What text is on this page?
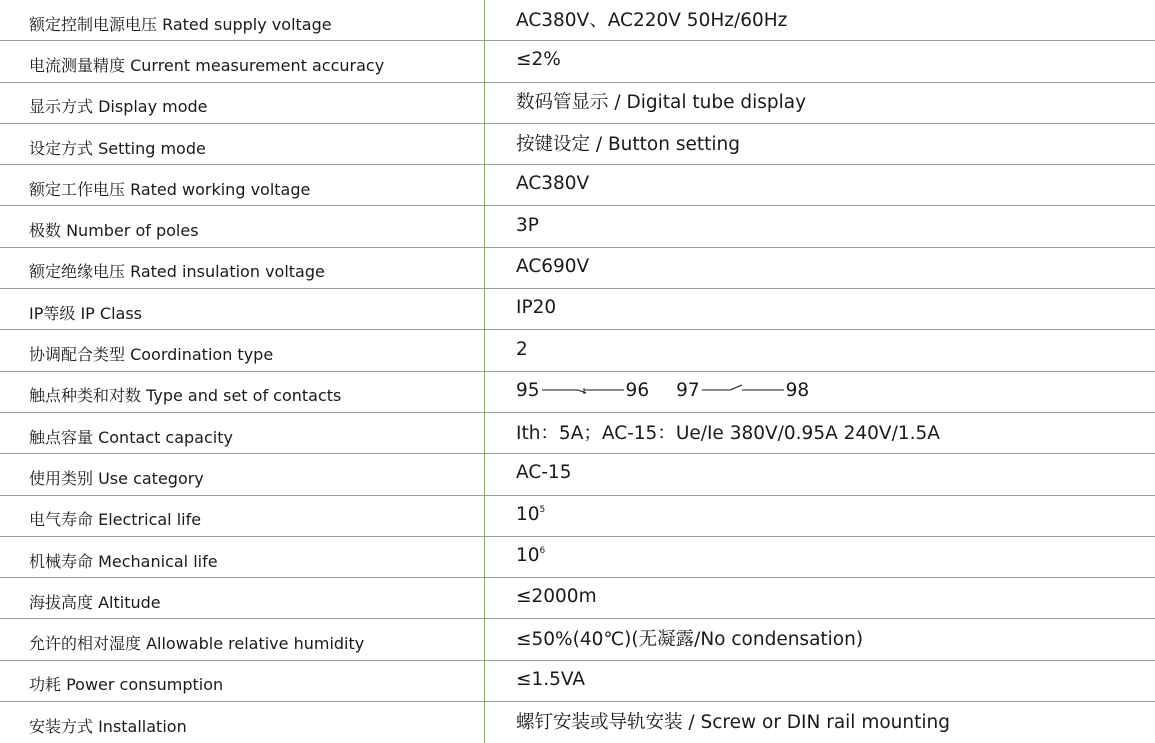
额定控制电源电压 Rated supply voltage	AC380V、AC220V 50Hz/60Hz
电流测量精度 Current measurement accuracy	≤2%
显示方式 Display mode	数码管显示 / Digital tube display
设定方式 Setting mode	按键设定 / Button setting
额定工作电压 Rated working voltage	AC380V
极数 Number of poles	3P
额定绝缘电压 Rated insulation voltage	AC690V
IP等级 IP Class	IP20
协调配合类型 Coordination type	2
触点种类和对数 Type and set of contacts	95	96 97	98
触点容量 Contact capacity	Ith：5A；AC-15：Ue/Ie 380V/0.95A 240V/1.5A
使用类别 Use category	AC-15
电气寿命 Electrical life	$10^5$
机械寿命 Mechanical life	$10^6$
海拔高度 Altitude	≤2000m
允许的相对湿度 Allowable relative humidity	≤50%(40℃)(无凝露/No condensation)
功耗 Power consumption	≤1.5VA
安装方式 Installation	螺钉安装或导轨安装 / Screw or DIN rail mounting
